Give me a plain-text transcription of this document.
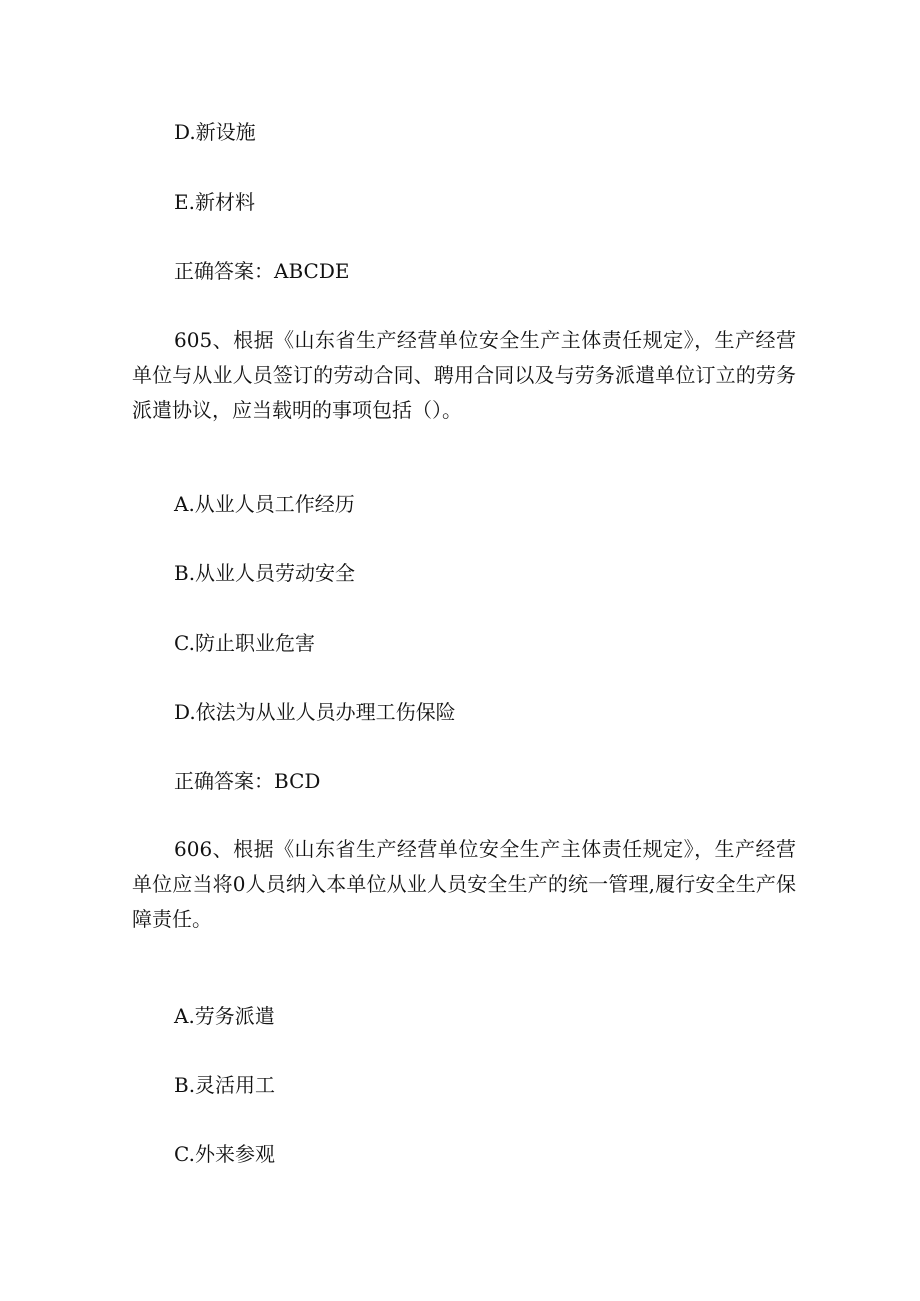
D.新设施
E.新材料
正确答案：ABCDE
605、根据《山东省生产经营单位安全生产主体责任规定》，生产经营单位与从业人员签订的劳动合同、聘用合同以及与劳务派遣单位订立的劳务派遣协议，应当载明的事项包括（）。
A.从业人员工作经历
B.从业人员劳动安全
C.防止职业危害
D.依法为从业人员办理工伤保险
正确答案：BCD
606、根据《山东省生产经营单位安全生产主体责任规定》，生产经营单位应当将0人员纳入本单位从业人员安全生产的统一管理,履行安全生产保障责任。
A.劳务派遣
B.灵活用工
C.外来参观
